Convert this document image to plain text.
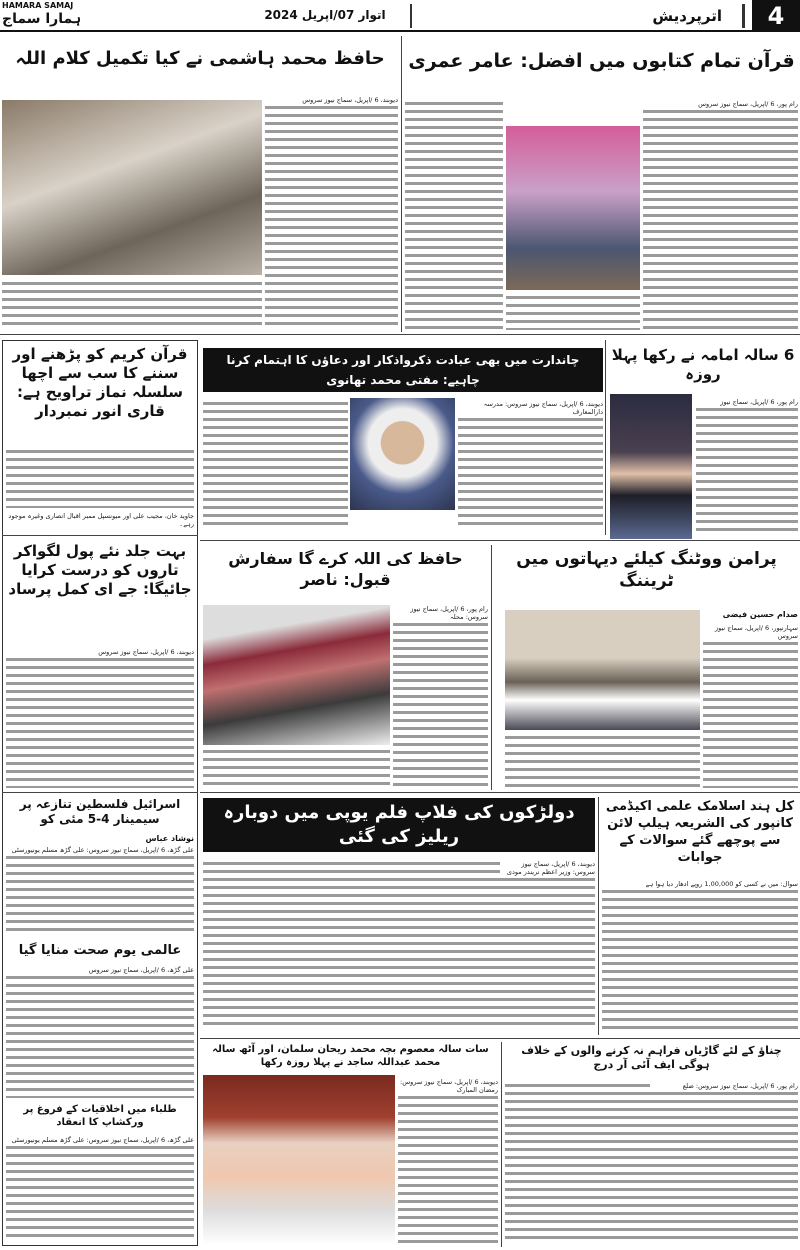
HAMARA SAMAJ
ہمارا سماج	اتوار 07/اپریل 2024	اترپردیش	4
حافظ محمد ہاشمی نے کیا تکمیل کلام اللہ
دیوبند، 6 /اپریل، سماج نیوز سروس
قرآن تمام کتابوں میں افضل: عامر عمری
رام پور، 6 /اپریل، سماج نیوز سروس
قرآن کریم کو پڑھنے اور سننے کا سب سے اچھا سلسلہ نماز تراویح ہے: قاری انور نمبردار
جاوید خان، مجیب علی اور میونسپل ممبر اقبال انصاری وغیرہ موجود رہے۔
بہت جلد نئے پول لگواکر تاروں کو درست کرایا جائیگا: جے ای کمل پرساد
دیوبند، 6 /اپریل، سماج نیوز سروس
اسرائیل فلسطین تنازعہ پر سیمینار 4-5 مئی کو
نوشاد عباس
علی گڑھ، 6 /اپریل، سماج نیوز سروس: علی گڑھ مسلم یونیورسٹی
عالمی یوم صحت منایا گیا
علی گڑھ، 6 /اپریل، سماج نیوز سروس
طلباء میں اخلاقیات کے فروغ پر ورکشاپ کا انعقاد
علی گڑھ، 6 /اپریل، سماج نیوز سروس: علی گڑھ مسلم یونیورسٹی
چاندارت میں بھی عبادت ذکرواذکار اور دعاؤں کا اہتمام کرنا چاہیے: مفتی محمد تھانوی
دیوبند، 6 /اپریل، سماج نیوز سروس: مدرسہ دارالمعارف
6 سالہ امامہ نے رکھا پہلا روزہ
رام پور، 6 /اپریل، سماج نیوز
حافظ کی اللہ کرے گا سفارش قبول: ناصر
رام پور، 6 /اپریل، سماج نیوز سروس: محلہ
پرامن ووٹنگ کیلئے دیہاتوں میں ٹریننگ
صدام حسین فیضی
سہارنپور، 6 /اپریل، سماج نیوز سروس
دولڑکوں کی فلاپ فلم یوپی میں دوبارہ ریلیز کی گئی
دیوبند، 6 /اپریل، سماج نیوز سروس: وزیر اعظم نریندر مودی
کل ہند اسلامک علمی اکیڈمی کانپور کی الشریعہ ہیلپ لائن سے پوچھے گئے سوالات کے جوابات
سوال: میں نے کسی کو 1,00,000 روپے ادھار دیا ہوا ہے
سات سالہ معصوم بچہ محمد ریحان سلمان، اور آٹھ سالہ محمد عبداللہ ساجد نے پہلا روزہ رکھا
دیوبند، 6 /اپریل، سماج نیوز سروس: رمضان المبارک
چناؤ کے لئے گاڑیاں فراہم نہ کرنے والوں کے خلاف ہوگی ایف آئی آر درج
رام پور، 6 /اپریل، سماج نیوز سروس: ضلع
